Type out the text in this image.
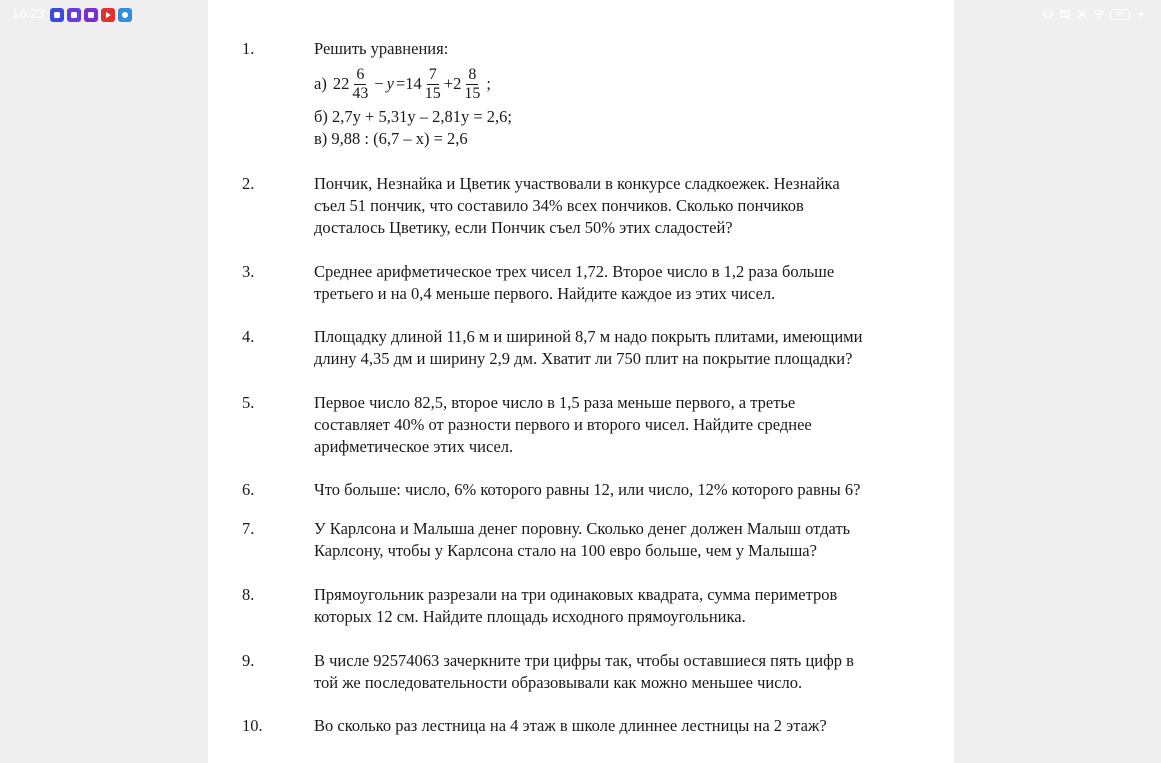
16:23	68
1.	Решить уравнения:
а) $22 \frac{6}{43} - y =14 \frac{7}{15} +2 \frac{8}{15}$ ;
б) 2,7y + 5,31y – 2,81y = 2,6;
в) 9,88 : (6,7 – x) = 2,6
2.	Пончик, Незнайка и Цветик участвовали в конкурсе сладкоежек. Незнайка
съел 51 пончик, что составило 34% всех пончиков. Сколько пончиков
досталось Цветику, если Пончик съел 50% этих сладостей?
3.	Среднее арифметическое трех чисел 1,72. Второе число в 1,2 раза больше
третьего и на 0,4 меньше первого. Найдите каждое из этих чисел.
4.	Площадку длиной 11,6 м и шириной 8,7 м надо покрыть плитами, имеющими
длину 4,35 дм и ширину 2,9 дм. Хватит ли 750 плит на покрытие площадки?
5.	Первое число 82,5, второе число в 1,5 раза меньше первого, а третье
составляет 40% от разности первого и второго чисел. Найдите среднее
арифметическое этих чисел.
6.	Что больше: число, 6% которого равны 12, или число, 12% которого равны 6?
7.	У Карлсона и Малыша денег поровну. Сколько денег должен Малыш отдать
Карлсону, чтобы у Карлсона стало на 100 евро больше, чем у Малыша?
8.	Прямоугольник разрезали на три одинаковых квадрата, сумма периметров
которых 12 см. Найдите площадь исходного прямоугольника.
9.	В числе 92574063 зачеркните три цифры так, чтобы оставшиеся пять цифр в
той же последовательности образовывали как можно меньшее число.
10.	Во сколько раз лестница на 4 этаж в школе длиннее лестницы на 2 этаж?
